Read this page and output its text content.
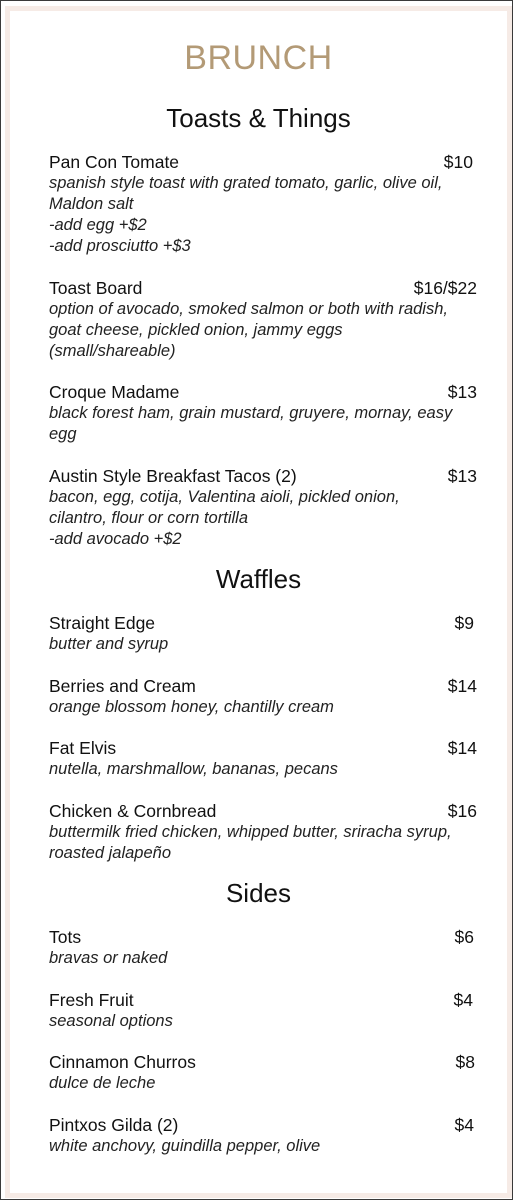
BRUNCH
Toasts & Things
Pan Con Tomate	$10
spanish style toast with grated tomato, garlic, olive oil, Maldon salt
-add egg +$2
-add prosciutto +$3
Toast Board	$16/$22
option of avocado, smoked salmon or both with radish, goat cheese, pickled onion, jammy eggs (small/shareable)
Croque Madame	$13
black forest ham, grain mustard, gruyere, mornay, easy egg
Austin Style Breakfast Tacos (2)	$13
bacon, egg, cotija, Valentina aioli, pickled onion, cilantro, flour or corn tortilla
-add avocado +$2
Waffles
Straight Edge	$9
butter and syrup
Berries and Cream	$14
orange blossom honey, chantilly cream
Fat Elvis	$14
nutella, marshmallow, bananas, pecans
Chicken & Cornbread	$16
buttermilk fried chicken, whipped butter, sriracha syrup, roasted jalapeño
Sides
Tots	$6
bravas or naked
Fresh Fruit	$4
seasonal options
Cinnamon Churros	$8
dulce de leche
Pintxos Gilda (2)	$4
white anchovy, guindilla pepper, olive
